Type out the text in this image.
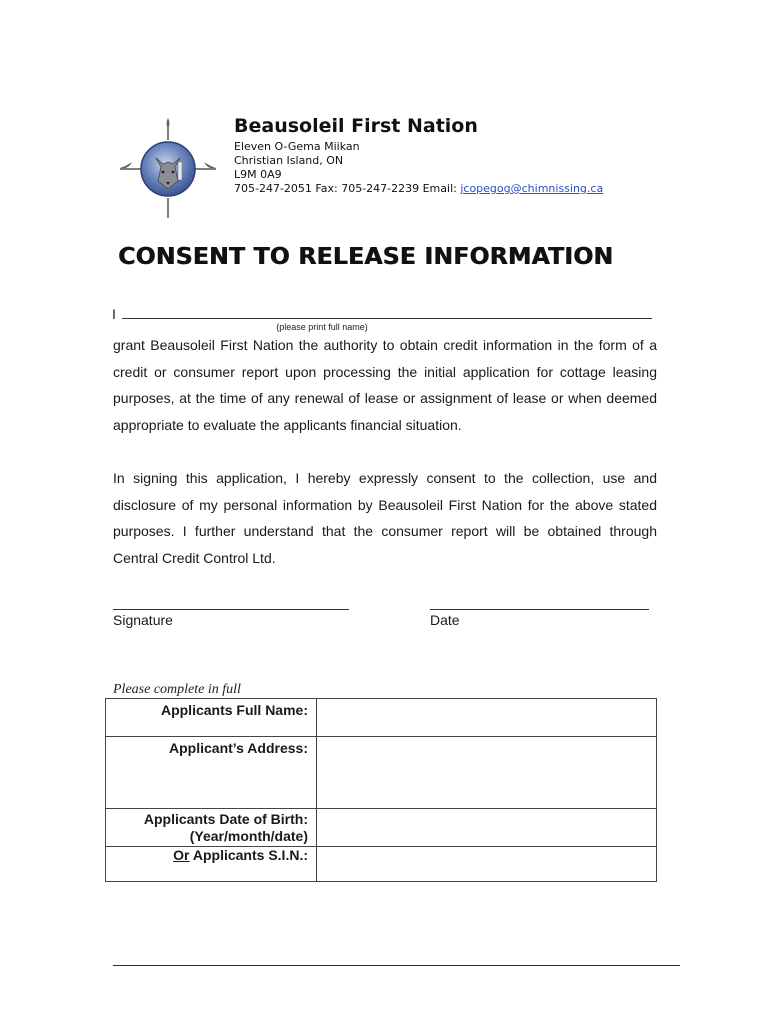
Beausoleil First Nation
Eleven O-Gema Miikan
Christian Island, ON
L9M 0A9
705-247-2051 Fax: 705-247-2239 Email: jcopegog@chimnissing.ca
CONSENT TO RELEASE INFORMATION
I
(please print full name)
grant Beausoleil First Nation the authority to obtain credit information in the form of a credit or consumer report upon processing the initial application for cottage leasing purposes, at the time of any renewal of lease or assignment of lease or when deemed appropriate to evaluate the applicants financial situation.
In signing this application, I hereby expressly consent to the collection, use and disclosure of my personal information by Beausoleil First Nation for the above stated purposes. I further understand that the consumer report will be obtained through Central Credit Control Ltd.
Signature	Date
Please complete in full
Applicants Full Name:
Applicant’s Address:
Applicants Date of Birth:
(Year/month/date)
Or Applicants S.I.N.:
